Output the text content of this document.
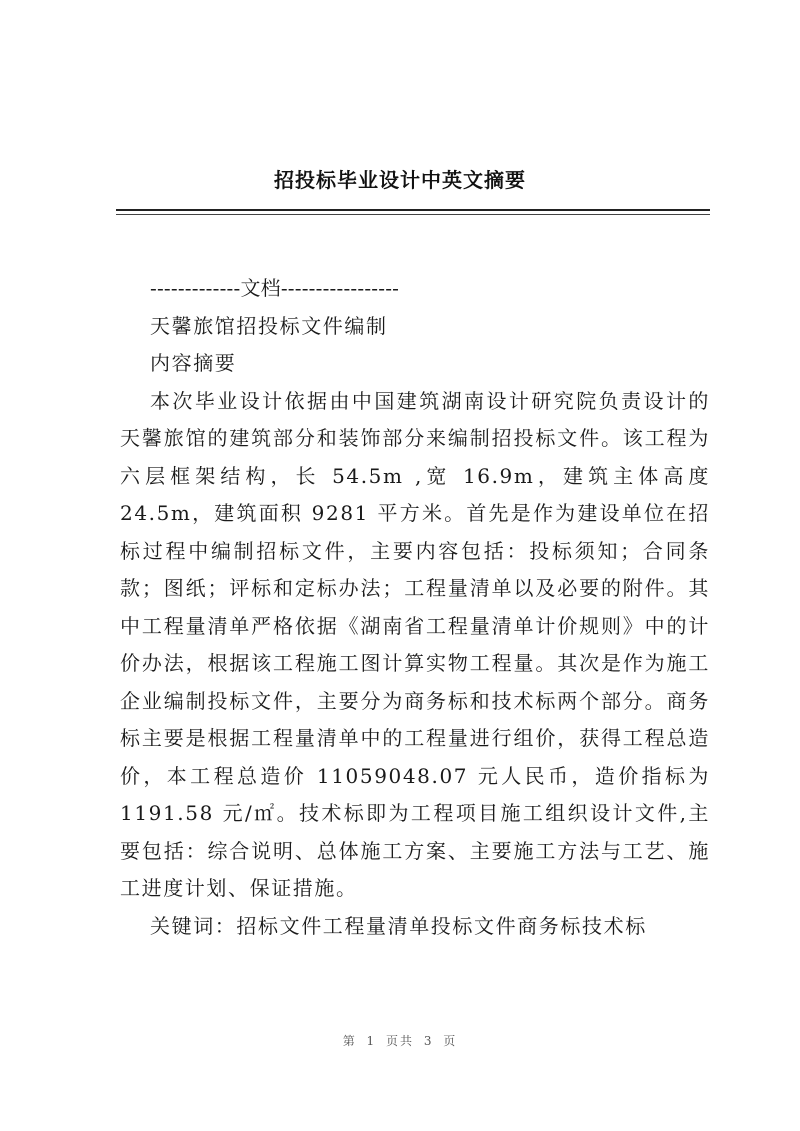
招投标毕业设计中英文摘要

-------------文档-----------------

天馨旅馆招投标文件编制

内容摘要

本次毕业设计依据由中国建筑湖南设计研究院负责设计的天馨旅馆的建筑部分和装饰部分来编制招投标文件。该工程为六层框架结构，长 54.5m ,宽 16.9m，建筑主体高度 24.5m，建筑面积 9281 平方米。首先是作为建设单位在招标过程中编制招标文件，主要内容包括：投标须知；合同条款；图纸；评标和定标办法；工程量清单以及必要的附件。其中工程量清单严格依据《湖南省工程量清单计价规则》中的计价办法，根据该工程施工图计算实物工程量。其次是作为施工企业编制投标文件，主要分为商务标和技术标两个部分。商务标主要是根据工程量清单中的工程量进行组价，获得工程总造价，本工程总造价 11059048.07 元人民币，造价指标为 1191.58 元/㎡。技术标即为工程项目施工组织设计文件,主要包括：综合说明、总体施工方案、主要施工方法与工艺、施工进度计划、保证措施。

关键词：招标文件工程量清单投标文件商务标技术标

第 1 页共 3 页
